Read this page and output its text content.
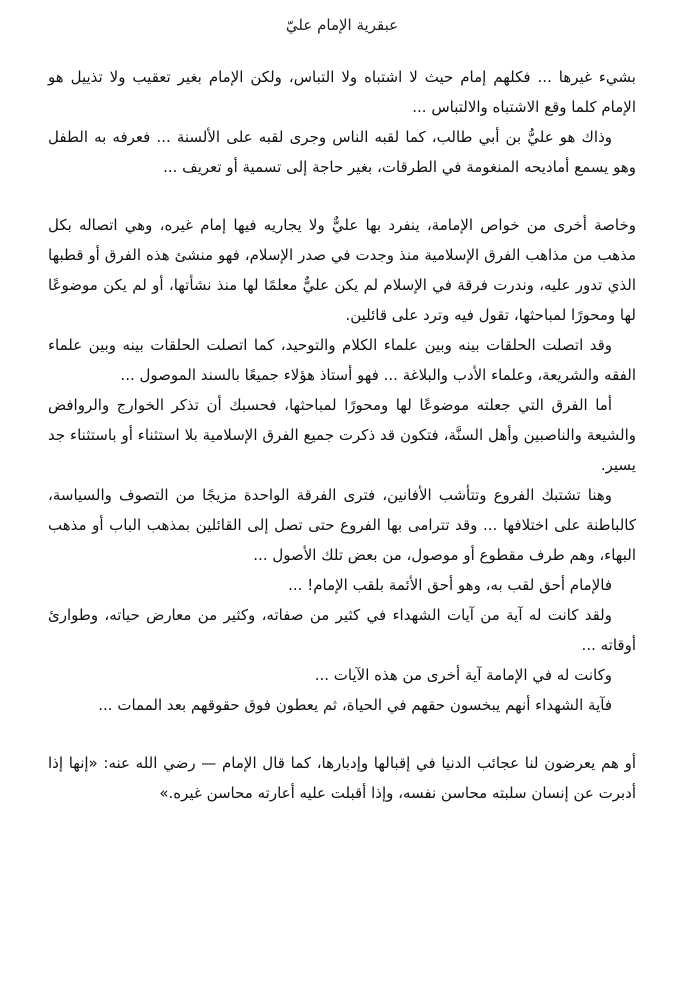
عبقرية الإمام عليّ

بشيء غيرها ... فكلهم إمام حيث لا اشتباه ولا التباس، ولكن الإمام بغير تعقيب ولا تذييل هو الإمام كلما وقع الاشتباه والالتباس ...

وذاك هو عليُّ بن أبي طالب، كما لقبه الناس وجرى لقبه على الألسنة ... فعرفه به الطفل وهو يسمع أماديحه المنغومة في الطرقات، بغير حاجة إلى تسمية أو تعريف ...

وخاصة أخرى من خواص الإمامة، ينفرد بها عليٌّ ولا يجاريه فيها إمام غيره، وهي اتصاله بكل مذهب من مذاهب الفرق الإسلامية منذ وجدت في صدر الإسلام، فهو منشئ هذه الفرق أو قطبها الذي تدور عليه، وندرت فرقة في الإسلام لم يكن عليٌّ معلمًا لها منذ نشأتها، أو لم يكن موضوعًا لها ومحورًا لمباحثها، تقول فيه وترد على قائلين.

وقد اتصلت الحلقات بينه وبين علماء الكلام والتوحيد، كما اتصلت الحلقات بينه وبين علماء الفقه والشريعة، وعلماء الأدب والبلاغة ... فهو أستاذ هؤلاء جميعًا بالسند الموصول ...

أما الفرق التي جعلته موضوعًا لها ومحورًا لمباحثها، فحسبك أن تذكر الخوارج والروافض والشيعة والناصبين وأهل السنَّة، فتكون قد ذكرت جميع الفرق الإسلامية بلا استثناء أو باستثناء جد يسير.

وهنا تشتبك الفروع وتتأشب الأفانين، فترى الفرقة الواحدة مزيجًا من التصوف والسياسة، كالباطنة على اختلافها ... وقد تترامى بها الفروع حتى تصل إلى القائلين بمذهب الباب أو مذهب البهاء، وهم طرف مقطوع أو موصول، من بعض تلك الأصول ...

فالإمام أحق لقب به، وهو أحق الأئمة بلقب الإمام! ...

ولقد كانت له آية من آيات الشهداء في كثير من صفاته، وكثير من معارض حياته، وطوارئ أوقاته ...

وكانت له في الإمامة آية أخرى من هذه الآيات ...

فآية الشهداء أنهم يبخسون حقهم في الحياة، ثم يعطون فوق حقوقهم بعد الممات ...

أو هم يعرضون لنا عجائب الدنيا في إقبالها وإدبارها، كما قال الإمام — رضي الله عنه: «إنها إذا أدبرت عن إنسان سلبته محاسن نفسه، وإذا أقبلت عليه أعارته محاسن غيره.»
